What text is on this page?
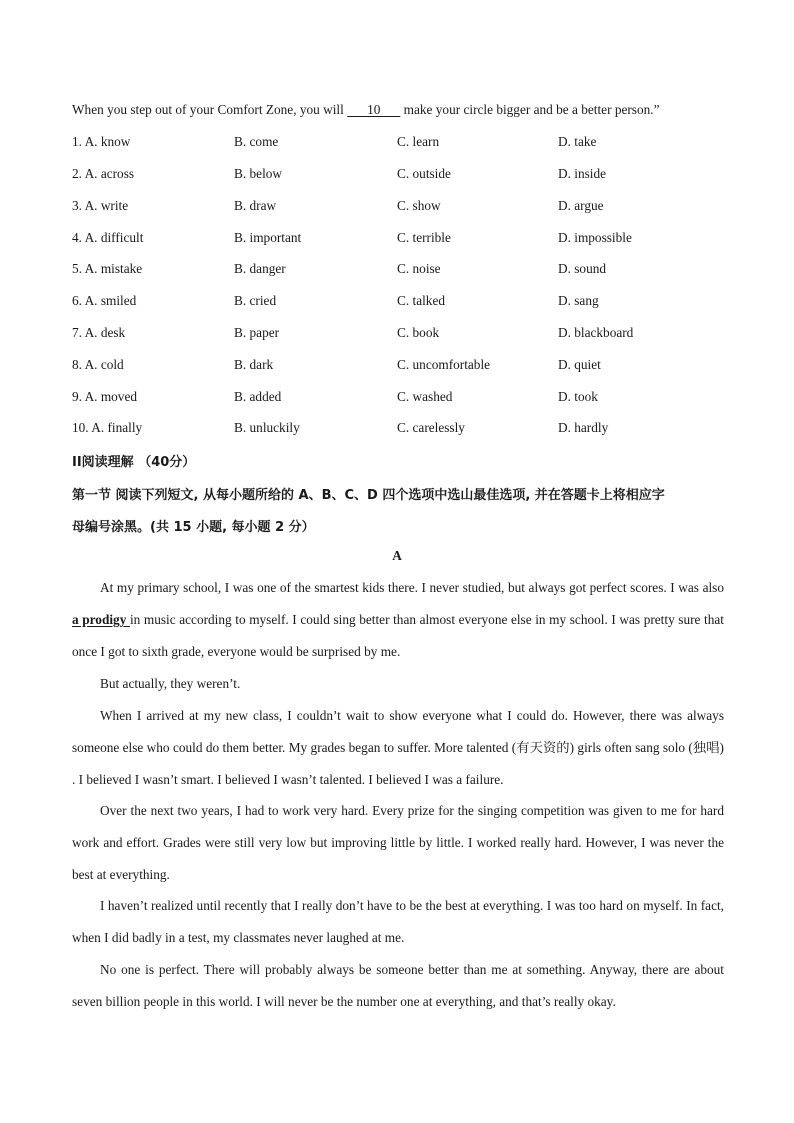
When you step out of your Comfort Zone, you will       10       make your circle bigger and be a better person.”
1. A. know	B. come	C. learn	D. take
2. A. across	B. below	C. outside	D. inside
3. A. write	B. draw	C. show	D. argue
4. A. difficult	B. important	C. terrible	D. impossible
5. A. mistake	B. danger	C. noise	D. sound
6. A. smiled	B. cried	C. talked	D. sang
7. A. desk	B. paper	C. book	D. blackboard
8. A. cold	B. dark	C. uncomfortable	D. quiet
9. A. moved	B. added	C. washed	D. took
10. A. finally	B. unluckily	C. carelessly	D. hardly
II阅读理解 （40分）
第一节 阅读下列短文, 从每小题所给的 A、B、C、D 四个选项中选山最佳选项, 并在答题卡上将相应字
母编号涂黑。(共 15 小题, 每小题 2 分）
A
At my primary school, I was one of the smartest kids there. I never studied, but always got perfect scores. I was also a prodigy in music according to myself. I could sing better than almost everyone else in my school. I was pretty sure that once I got to sixth grade, everyone would be surprised by me.
But actually, they weren’t.
When I arrived at my new class, I couldn’t wait to show everyone what I could do. However, there was always someone else who could do them better. My grades began to suffer. More talented (有天资的) girls often sang solo (独唱) . I believed I wasn’t smart. I believed I wasn’t talented. I believed I was a failure.
Over the next two years, I had to work very hard. Every prize for the singing competition was given to me for hard work and effort. Grades were still very low but improving little by little. I worked really hard. However, I was never the best at everything.
I haven’t realized until recently that I really don’t have to be the best at everything. I was too hard on myself. In fact, when I did badly in a test, my classmates never laughed at me.
No one is perfect. There will probably always be someone better than me at something. Anyway, there are about seven billion people in this world. I will never be the number one at everything, and that’s really okay.
